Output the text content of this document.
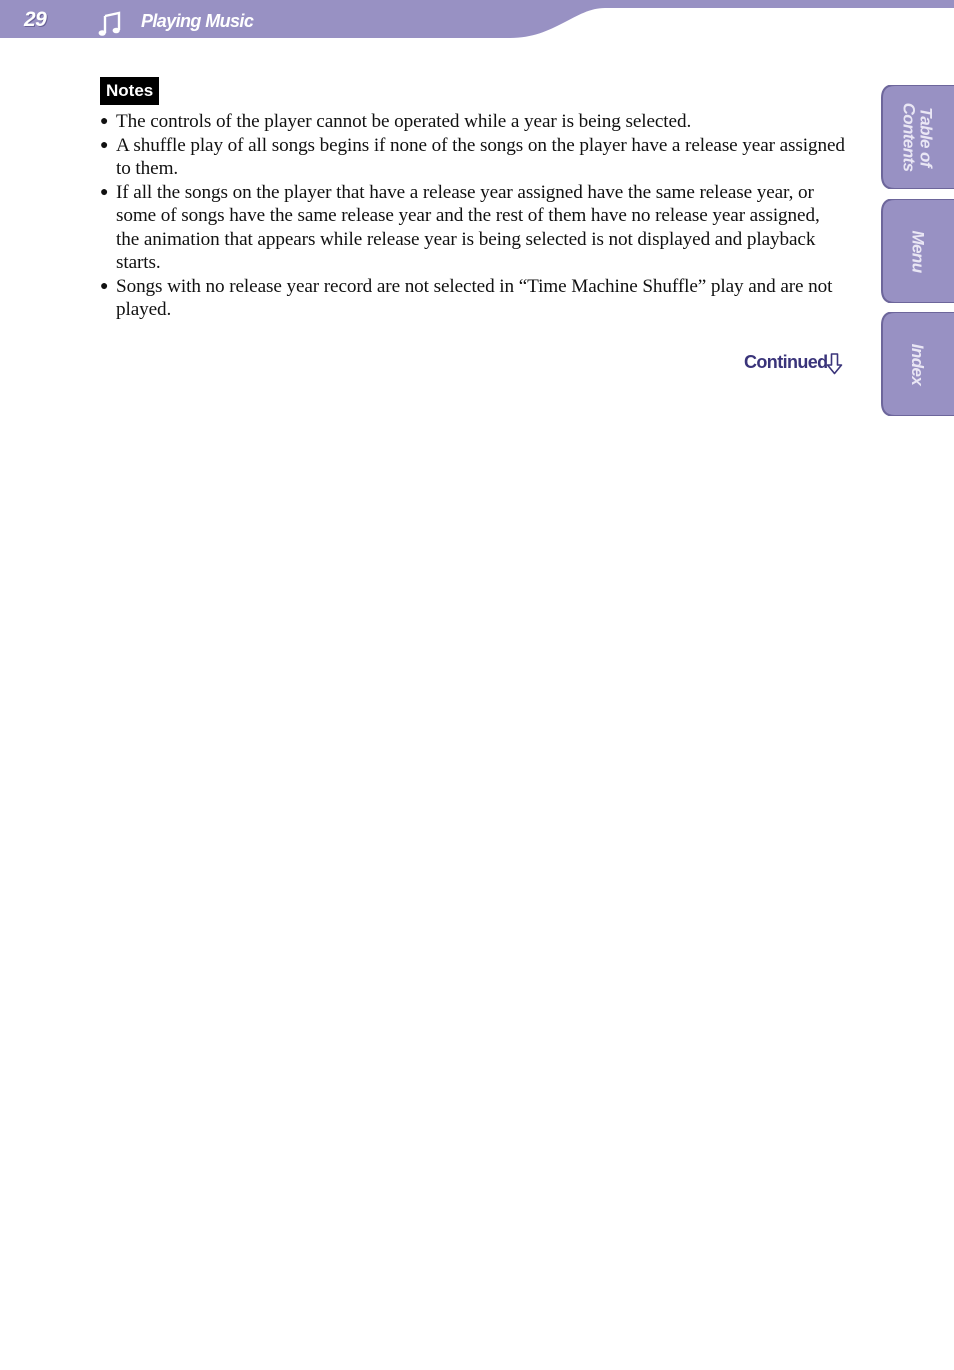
29	Playing Music
Table of
Contents
Menu
Index
Notes
● The controls of the player cannot be operated while a year is being selected.
● A shuffle play of all songs begins if none of the songs on the player have a release year assigned to them.
● If all the songs on the player that have a release year assigned have the same release year, or some of songs have the same release year and the rest of them have no release year assigned, the animation that appears while release year is being selected is not displayed and playback starts.
● Songs with no release year record are not selected in “Time Machine Shuffle” play and are not played.
Continued
